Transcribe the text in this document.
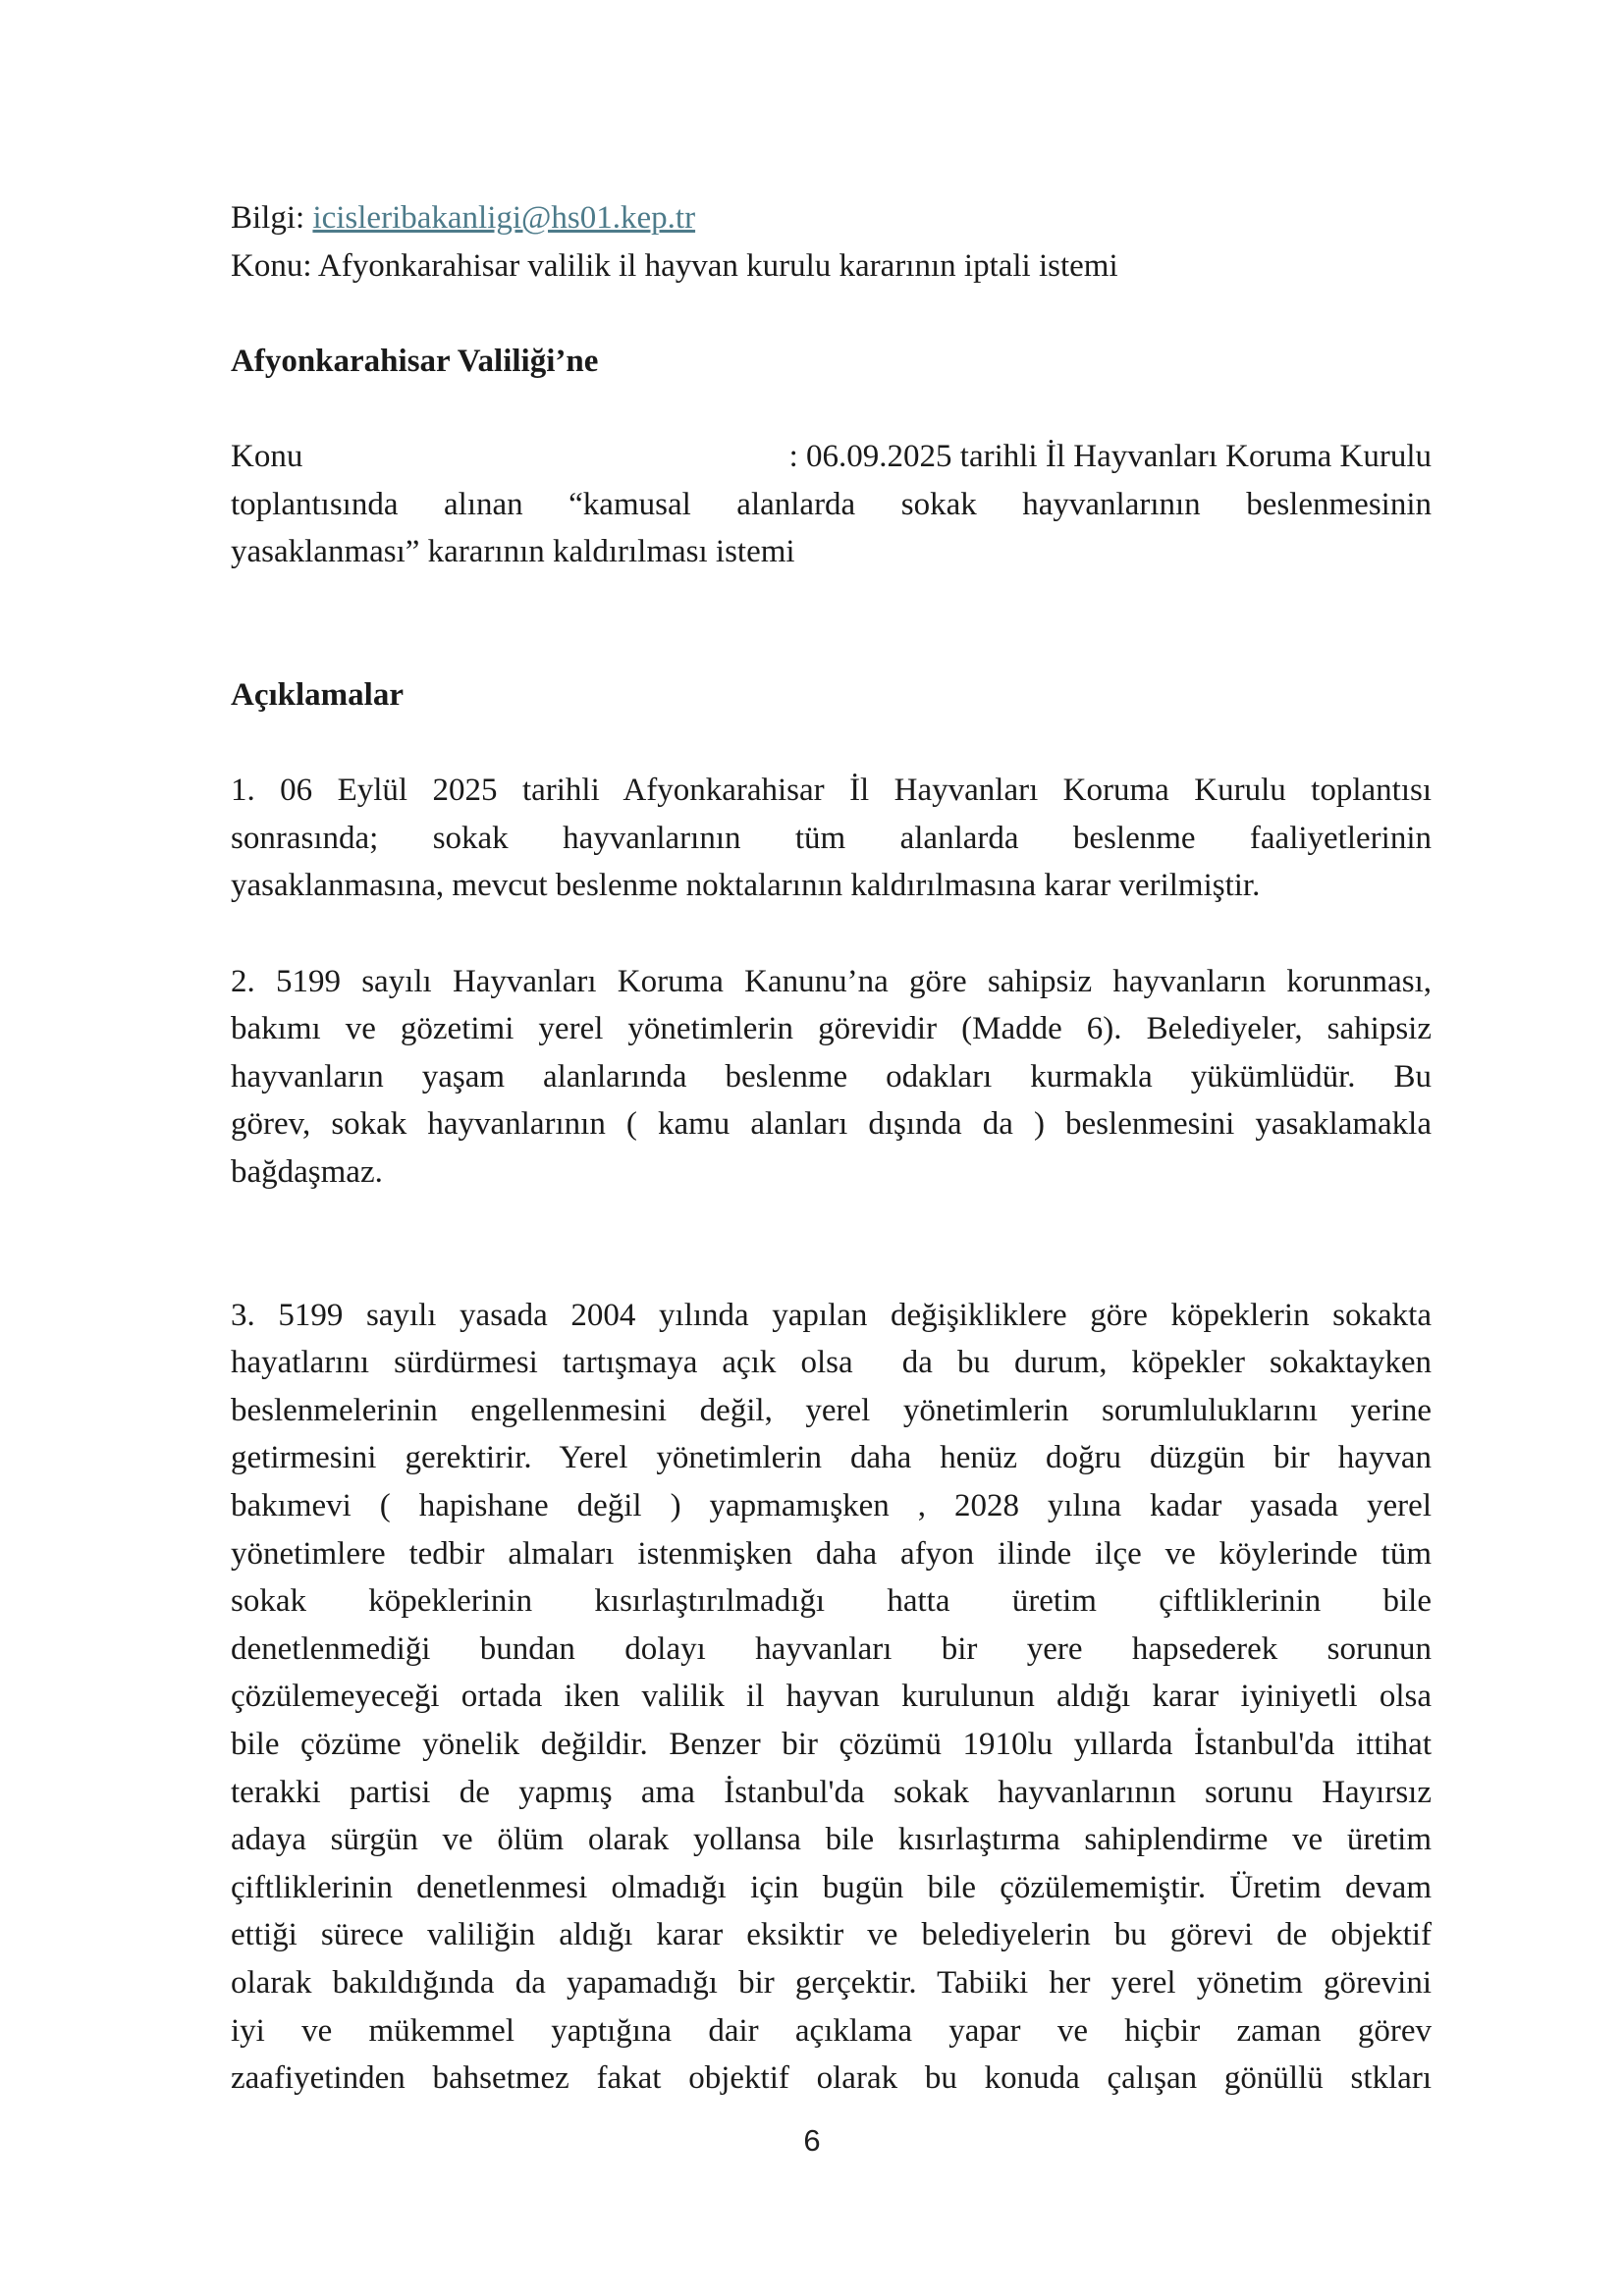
Bilgi: icisleribakanligi@hs01.kep.tr
Konu: Afyonkarahisar valilik il hayvan kurulu kararının iptali istemi
Afyonkarahisar Valiliği’ne
Konu	: 06.09.2025 tarihli İl Hayvanları Koruma Kurulu
toplantısında alınan “kamusal alanlarda sokak hayvanlarının beslenmesinin
yasaklanması” kararının kaldırılması istemi
Açıklamalar
1. 06 Eylül 2025 tarihli Afyonkarahisar İl Hayvanları Koruma Kurulu toplantısı
sonrasında; sokak hayvanlarının tüm alanlarda beslenme faaliyetlerinin
yasaklanmasına, mevcut beslenme noktalarının kaldırılmasına karar verilmiştir.
2. 5199 sayılı Hayvanları Koruma Kanunu’na göre sahipsiz hayvanların korunması,
bakımı ve gözetimi yerel yönetimlerin görevidir (Madde 6). Belediyeler, sahipsiz
hayvanların yaşam alanlarında beslenme odakları kurmakla yükümlüdür. Bu
görev, sokak hayvanlarının ( kamu alanları dışında da ) beslenmesini yasaklamakla
bağdaşmaz.
3. 5199 sayılı yasada 2004 yılında yapılan değişikliklere göre köpeklerin sokakta
hayatlarını sürdürmesi tartışmaya açık olsa  da bu durum, köpekler sokaktayken
beslenmelerinin engellenmesini değil, yerel yönetimlerin sorumluluklarını yerine
getirmesini gerektirir. Yerel yönetimlerin daha henüz doğru düzgün bir hayvan
bakımevi ( hapishane değil ) yapmamışken , 2028 yılına kadar yasada yerel
yönetimlere tedbir almaları istenmişken daha afyon ilinde ilçe ve köylerinde tüm
sokak köpeklerinin kısırlaştırılmadığı hatta üretim çiftliklerinin bile
denetlenmediği bundan dolayı hayvanları bir yere hapsederek sorunun
çözülemeyeceği ortada iken valilik il hayvan kurulunun aldığı karar iyiniyetli olsa
bile çözüme yönelik değildir. Benzer bir çözümü 1910lu yıllarda İstanbul'da ittihat
terakki partisi de yapmış ama İstanbul'da sokak hayvanlarının sorunu Hayırsız
adaya sürgün ve ölüm olarak yollansa bile kısırlaştırma sahiplendirme ve üretim
çiftliklerinin denetlenmesi olmadığı için bugün bile çözülememiştir. Üretim devam
ettiği sürece valiliğin aldığı karar eksiktir ve belediyelerin bu görevi de objektif
olarak bakıldığında da yapamadığı bir gerçektir. Tabiiki her yerel yönetim görevini
iyi ve mükemmel yaptığına dair açıklama yapar ve hiçbir zaman görev
zaafiyetinden bahsetmez fakat objektif olarak bu konuda çalışan gönüllü stkları
6
